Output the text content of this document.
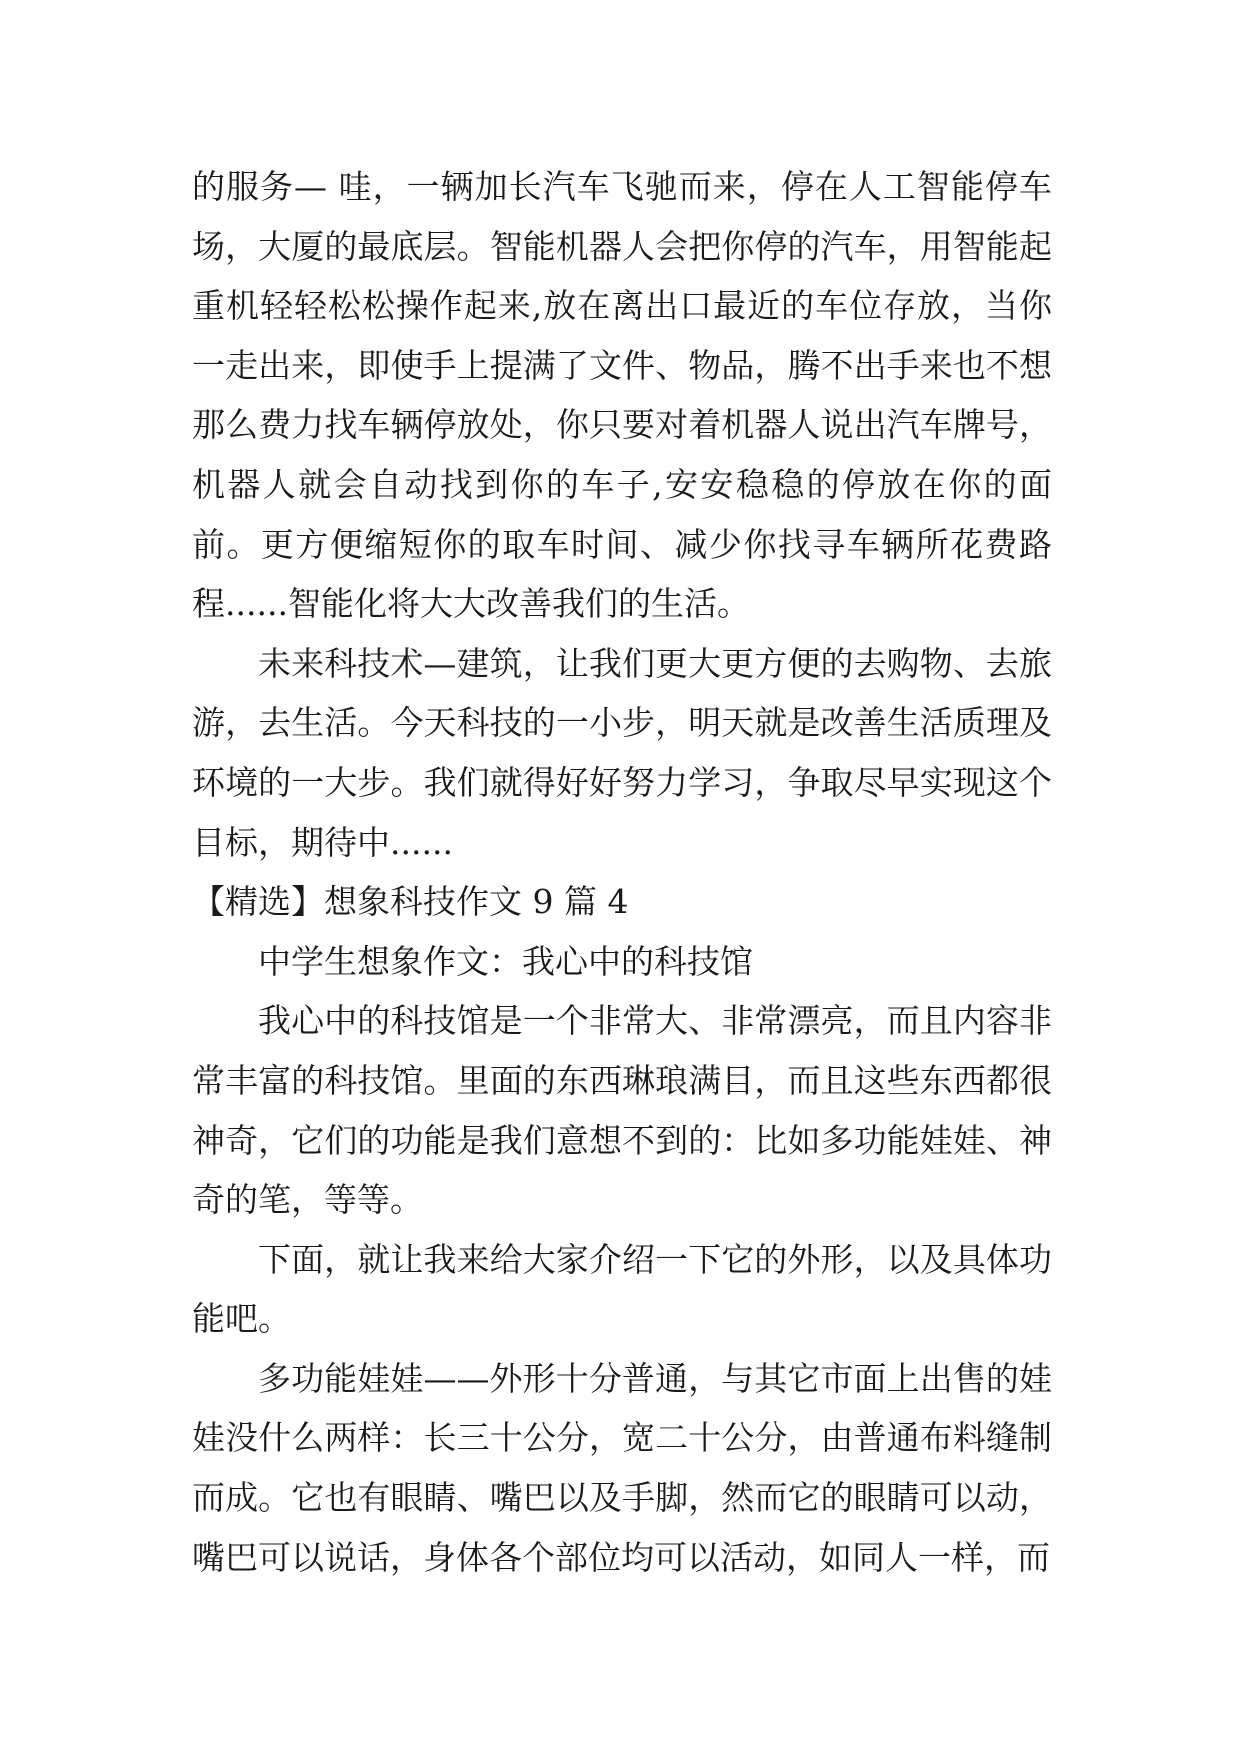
的服务— 哇，一辆加长汽车飞驰而来，停在人工智能停车场，大厦的最底层。智能机器人会把你停的汽车，用智能起重机轻轻松松操作起来,放在离出口最近的车位存放，当你一走出来，即使手上提满了文件、物品，腾不出手来也不想那么费力找车辆停放处，你只要对着机器人说出汽车牌号，机器人就会自动找到你的车子,安安稳稳的停放在你的面前。更方便缩短你的取车时间、减少你找寻车辆所花费路程......智能化将大大改善我们的生活。

未来科技术—建筑，让我们更大更方便的去购物、去旅游，去生活。今天科技的一小步，明天就是改善生活质理及环境的一大步。我们就得好好努力学习，争取尽早实现这个目标，期待中......

【精选】想象科技作文 9 篇 4

中学生想象作文：我心中的科技馆

我心中的科技馆是一个非常大、非常漂亮，而且内容非常丰富的科技馆。里面的东西琳琅满目，而且这些东西都很神奇，它们的功能是我们意想不到的：比如多功能娃娃、神奇的笔，等等。

下面，就让我来给大家介绍一下它的外形，以及具体功能吧。

多功能娃娃——外形十分普通，与其它市面上出售的娃娃没什么两样：长三十公分，宽二十公分，由普通布料缝制而成。它也有眼睛、嘴巴以及手脚，然而它的眼睛可以动，嘴巴可以说话，身体各个部位均可以活动，如同人一样，而
